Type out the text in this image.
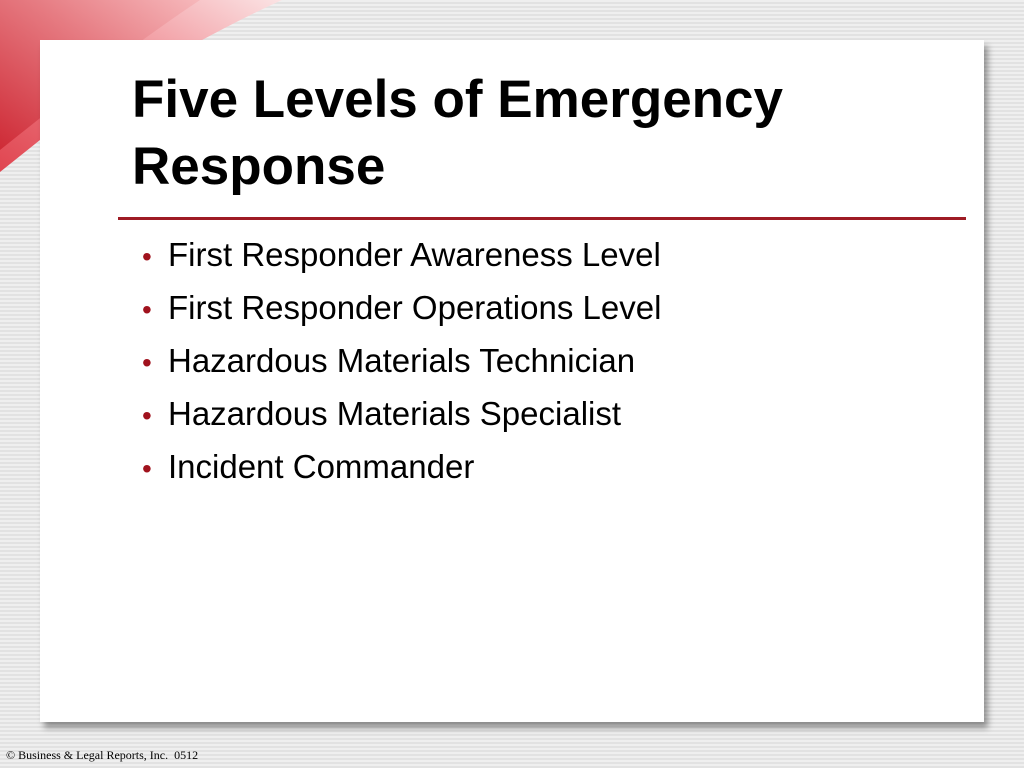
Five Levels of Emergency
Response
• First Responder Awareness Level
• First Responder Operations Level
• Hazardous Materials Technician
• Hazardous Materials Specialist
• Incident Commander
© Business & Legal Reports, Inc.  0512
